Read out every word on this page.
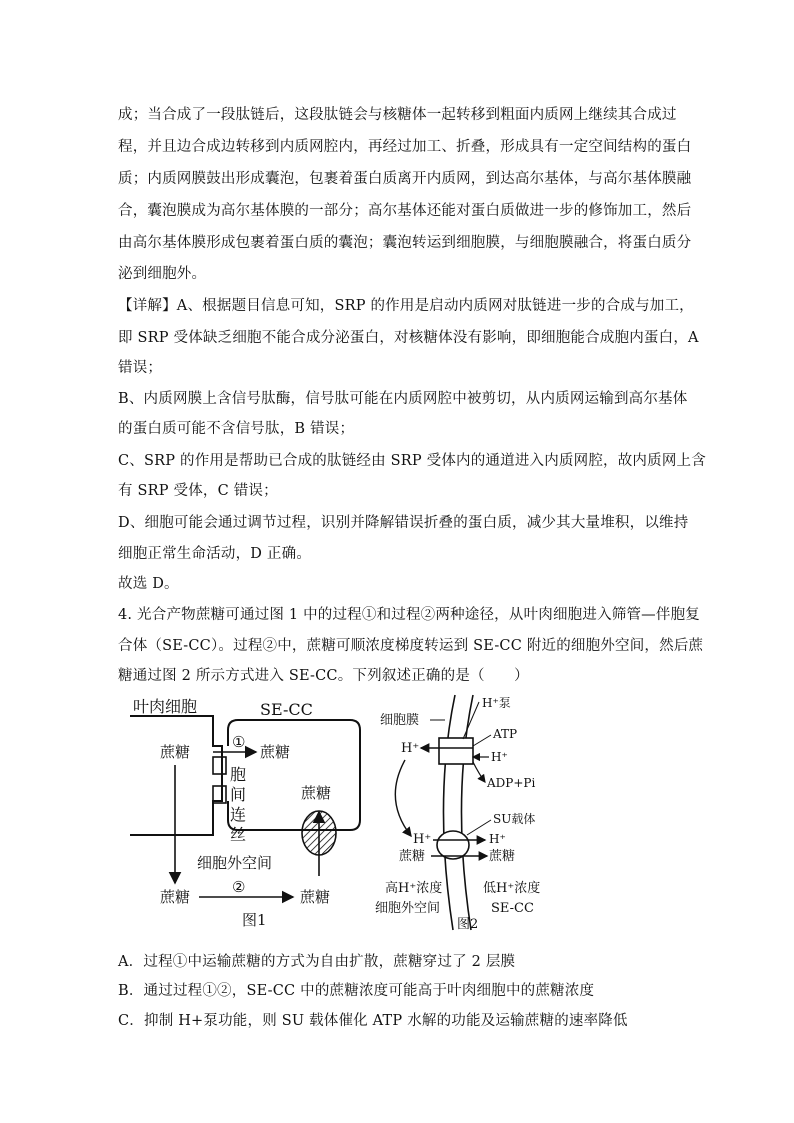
成；当合成了一段肽链后，这段肽链会与核糖体一起转移到粗面内质网上继续其合成过
程，并且边合成边转移到内质网腔内，再经过加工、折叠，形成具有一定空间结构的蛋白
质；内质网膜鼓出形成囊泡，包裹着蛋白质离开内质网，到达高尔基体，与高尔基体膜融
合，囊泡膜成为高尔基体膜的一部分；高尔基体还能对蛋白质做进一步的修饰加工，然后
由高尔基体膜形成包裹着蛋白质的囊泡；囊泡转运到细胞膜，与细胞膜融合，将蛋白质分
泌到细胞外。
【详解】A、根据题目信息可知，SRP 的作用是启动内质网对肽链进一步的合成与加工，
即 SRP 受体缺乏细胞不能合成分泌蛋白，对核糖体没有影响，即细胞能合成胞内蛋白，A
错误；
B、内质网膜上含信号肽酶，信号肽可能在内质网腔中被剪切，从内质网运输到高尔基体
的蛋白质可能不含信号肽，B 错误；
C、SRP 的作用是帮助已合成的肽链经由 SRP 受体内的通道进入内质网腔，故内质网上含
有 SRP 受体，C 错误；
D、细胞可能会通过调节过程，识别并降解错误折叠的蛋白质，减少其大量堆积，以维持
细胞正常生命活动，D 正确。
故选 D。
4. 光合产物蔗糖可通过图 1 中的过程①和过程②两种途径，从叶肉细胞进入筛管—伴胞复
合体（SE-CC）。过程②中，蔗糖可顺浓度梯度转运到 SE-CC 附近的细胞外空间，然后蔗
糖通过图 2 所示方式进入 SE-CC。下列叙述正确的是（　　）
叶肉细胞	SE-CC
蔗糖
①
蔗糖
胞
间
连
丝
蔗糖
细胞外空间
蔗糖
②
蔗糖
图1
细胞膜
H⁺泵
ATP
H⁺
H⁺
ADP+Pi
SU载体
H⁺	H⁺
蔗糖	蔗糖
高H⁺浓度	低H⁺浓度
细胞外空间	SE-CC
图2
A．过程①中运输蔗糖的方式为自由扩散，蔗糖穿过了 2 层膜
B．通过过程①②，SE-CC 中的蔗糖浓度可能高于叶肉细胞中的蔗糖浓度
C．抑制 H+泵功能，则 SU 载体催化 ATP 水解的功能及运输蔗糖的速率降低
